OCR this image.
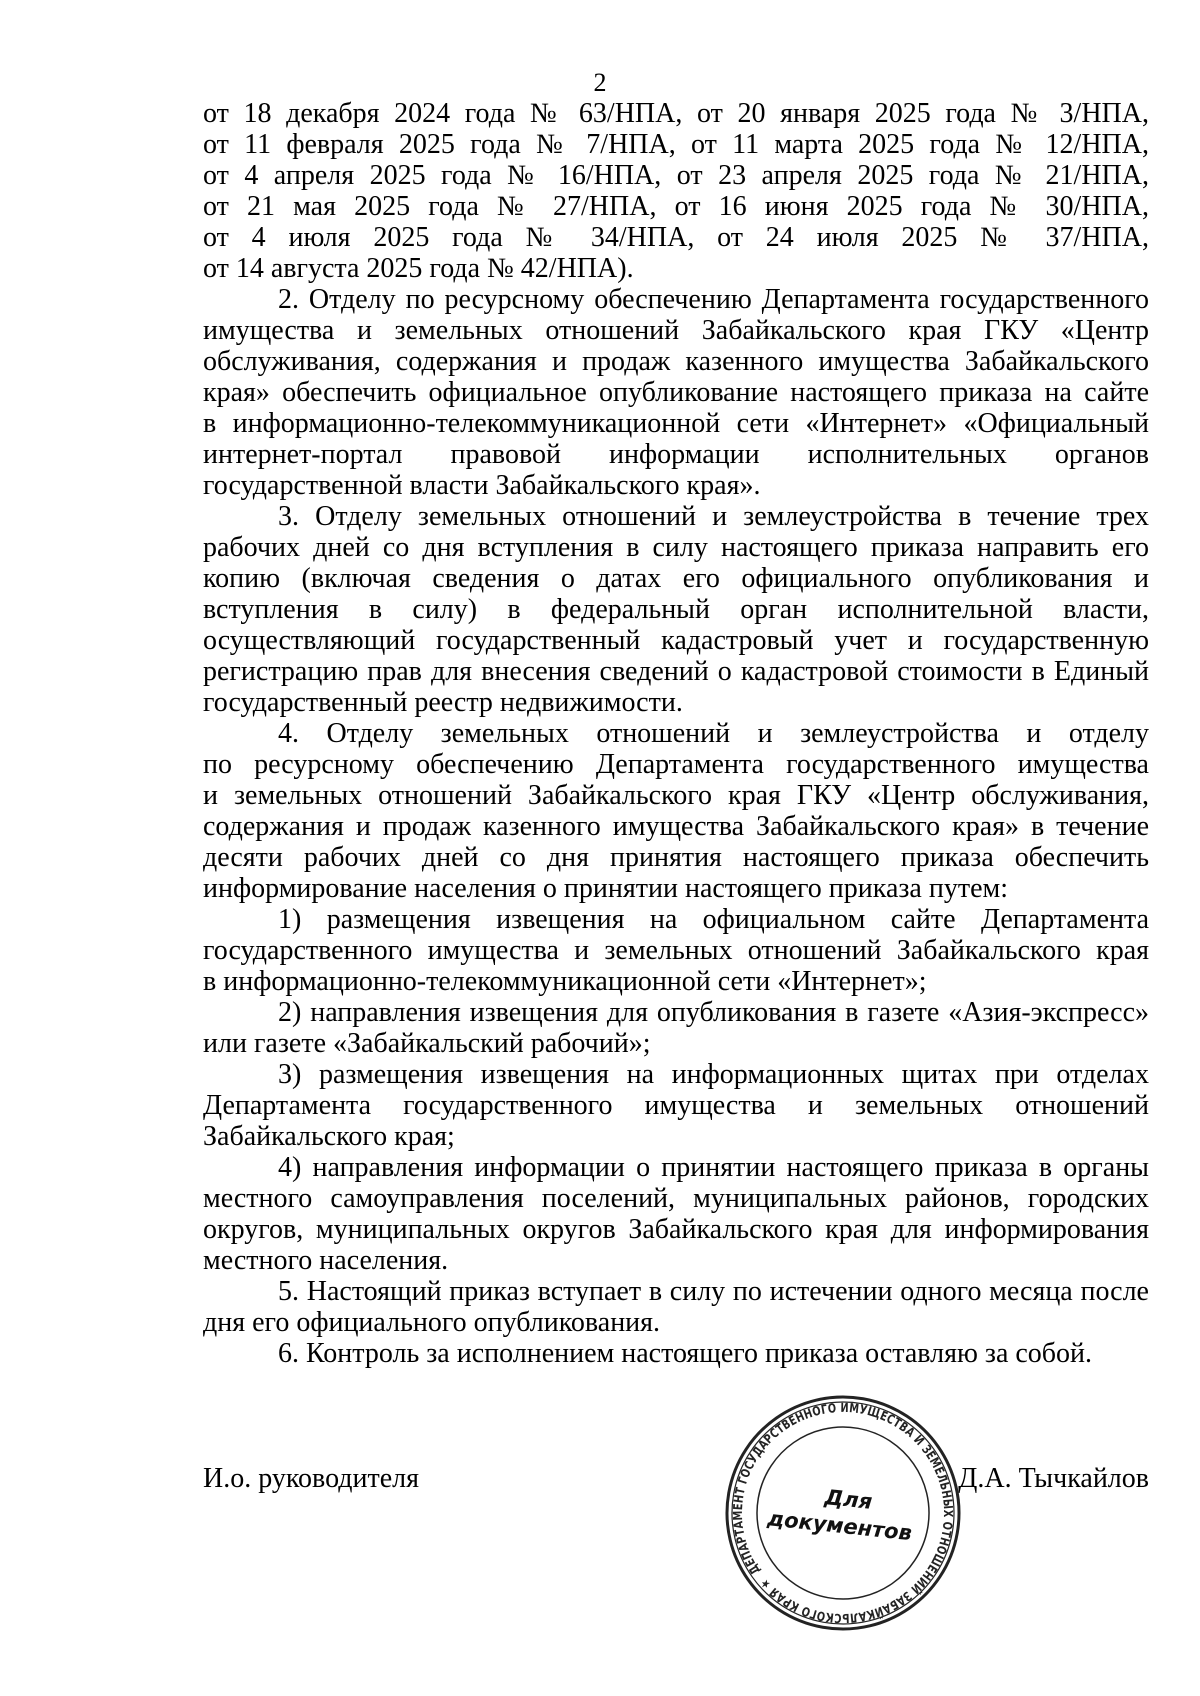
2

от 18 декабря 2024 года № 63/НПА, от 20 января 2025 года № 3/НПА,

от 11 февраля 2025 года № 7/НПА, от 11 марта 2025 года № 12/НПА,

от 4 апреля 2025 года № 16/НПА, от 23 апреля 2025 года № 21/НПА,

от 21 мая 2025 года № 27/НПА, от 16 июня 2025 года № 30/НПА,

от 4 июля 2025 года № 34/НПА, от 24 июля 2025 № 37/НПА,

от 14 августа 2025 года № 42/НПА).

2. Отделу по ресурсному обеспечению Департамента государственного

имущества и земельных отношений Забайкальского края ГКУ «Центр

обслуживания, содержания и продаж казенного имущества Забайкальского

края» обеспечить официальное опубликование настоящего приказа на сайте

в информационно-телекоммуникационной сети «Интернет» «Официальный

интернет-портал правовой информации исполнительных органов

государственной власти Забайкальского края».

3. Отделу земельных отношений и землеустройства в течение трех

рабочих дней со дня вступления в силу настоящего приказа направить его

копию (включая сведения о датах его официального опубликования и

вступления в силу) в федеральный орган исполнительной власти,

осуществляющий государственный кадастровый учет и государственную

регистрацию прав для внесения сведений о кадастровой стоимости в Единый

государственный реестр недвижимости.

4. Отделу земельных отношений и землеустройства и отделу

по ресурсному обеспечению Департамента государственного имущества

и земельных отношений Забайкальского края ГКУ «Центр обслуживания,

содержания и продаж казенного имущества Забайкальского края» в течение

десяти рабочих дней со дня принятия настоящего приказа обеспечить

информирование населения о принятии настоящего приказа путем:

1) размещения извещения на официальном сайте Департамента

государственного имущества и земельных отношений Забайкальского края

в информационно-телекоммуникационной сети «Интернет»;

2) направления извещения для опубликования в газете «Азия-экспресс»

или газете «Забайкальский рабочий»;

3) размещения извещения на информационных щитах при отделах

Департамента государственного имущества и земельных отношений

Забайкальского края;

4) направления информации о принятии настоящего приказа в органы

местного самоуправления поселений, муниципальных районов, городских

округов, муниципальных округов Забайкальского края для информирования

местного населения.

5. Настоящий приказ вступает в силу по истечении одного месяца после

дня его официального опубликования.

6. Контроль за исполнением настоящего приказа оставляю за собой.

И.о. руководителя	Д.А. Тычкайлов
ДЕПАРТАМЕНТ ГОСУДАРСТВЕННОГО ИМУЩЕСТВА И ЗЕМЕЛЬНЫХ ОТНОШЕНИЙ ЗАБАЙКАЛЬСКОГО КРАЯ ★
Для
документов
